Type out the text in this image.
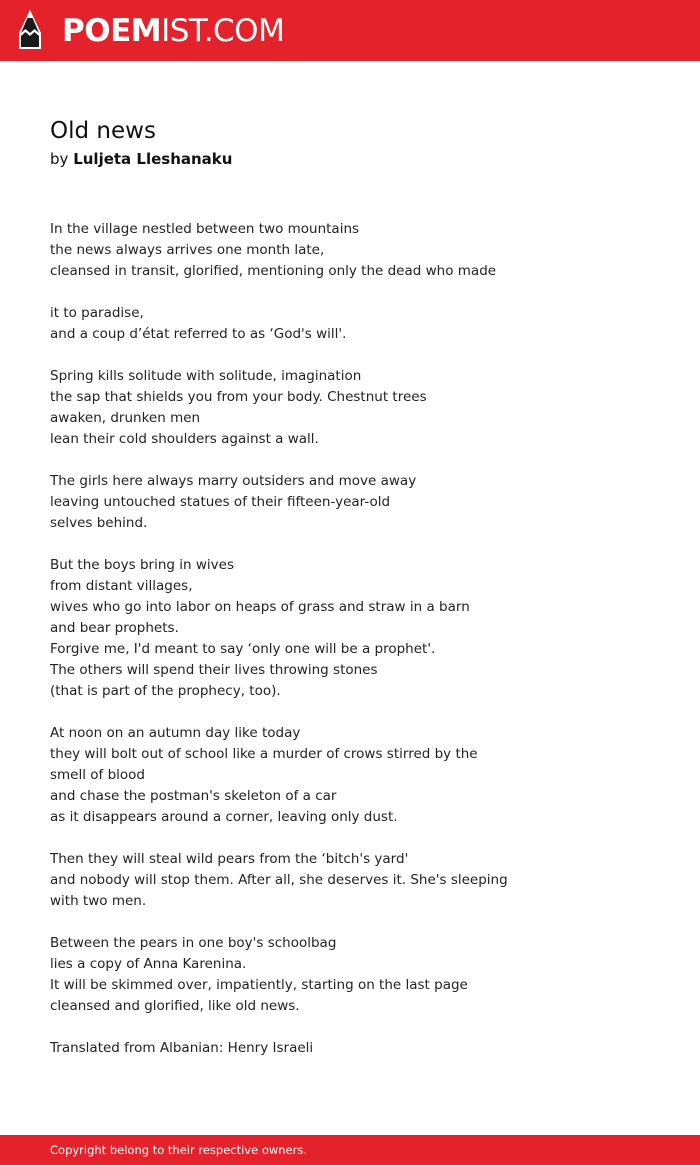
POEMIST.COM
Old news
by Luljeta Lleshanaku
In the village nestled between two mountains
the news always arrives one month late,
cleansed in transit, glorified, mentioning only the dead who made
it to paradise,
and a coup d’état referred to as ‘God's will'.
Spring kills solitude with solitude, imagination
the sap that shields you from your body. Chestnut trees
awaken, drunken men
lean their cold shoulders against a wall.
The girls here always marry outsiders and move away
leaving untouched statues of their fifteen-year-old
selves behind.
But the boys bring in wives
from distant villages,
wives who go into labor on heaps of grass and straw in a barn
and bear prophets.
Forgive me, I'd meant to say ‘only one will be a prophet'.
The others will spend their lives throwing stones
(that is part of the prophecy, too).
At noon on an autumn day like today
they will bolt out of school like a murder of crows stirred by the
smell of blood
and chase the postman's skeleton of a car
as it disappears around a corner, leaving only dust.
Then they will steal wild pears from the ‘bitch's yard'
and nobody will stop them. After all, she deserves it. She's sleeping
with two men.
Between the pears in one boy's schoolbag
lies a copy of Anna Karenina.
It will be skimmed over, impatiently, starting on the last page
cleansed and glorified, like old news.
Translated from Albanian: Henry Israeli
Copyright belong to their respective owners.
